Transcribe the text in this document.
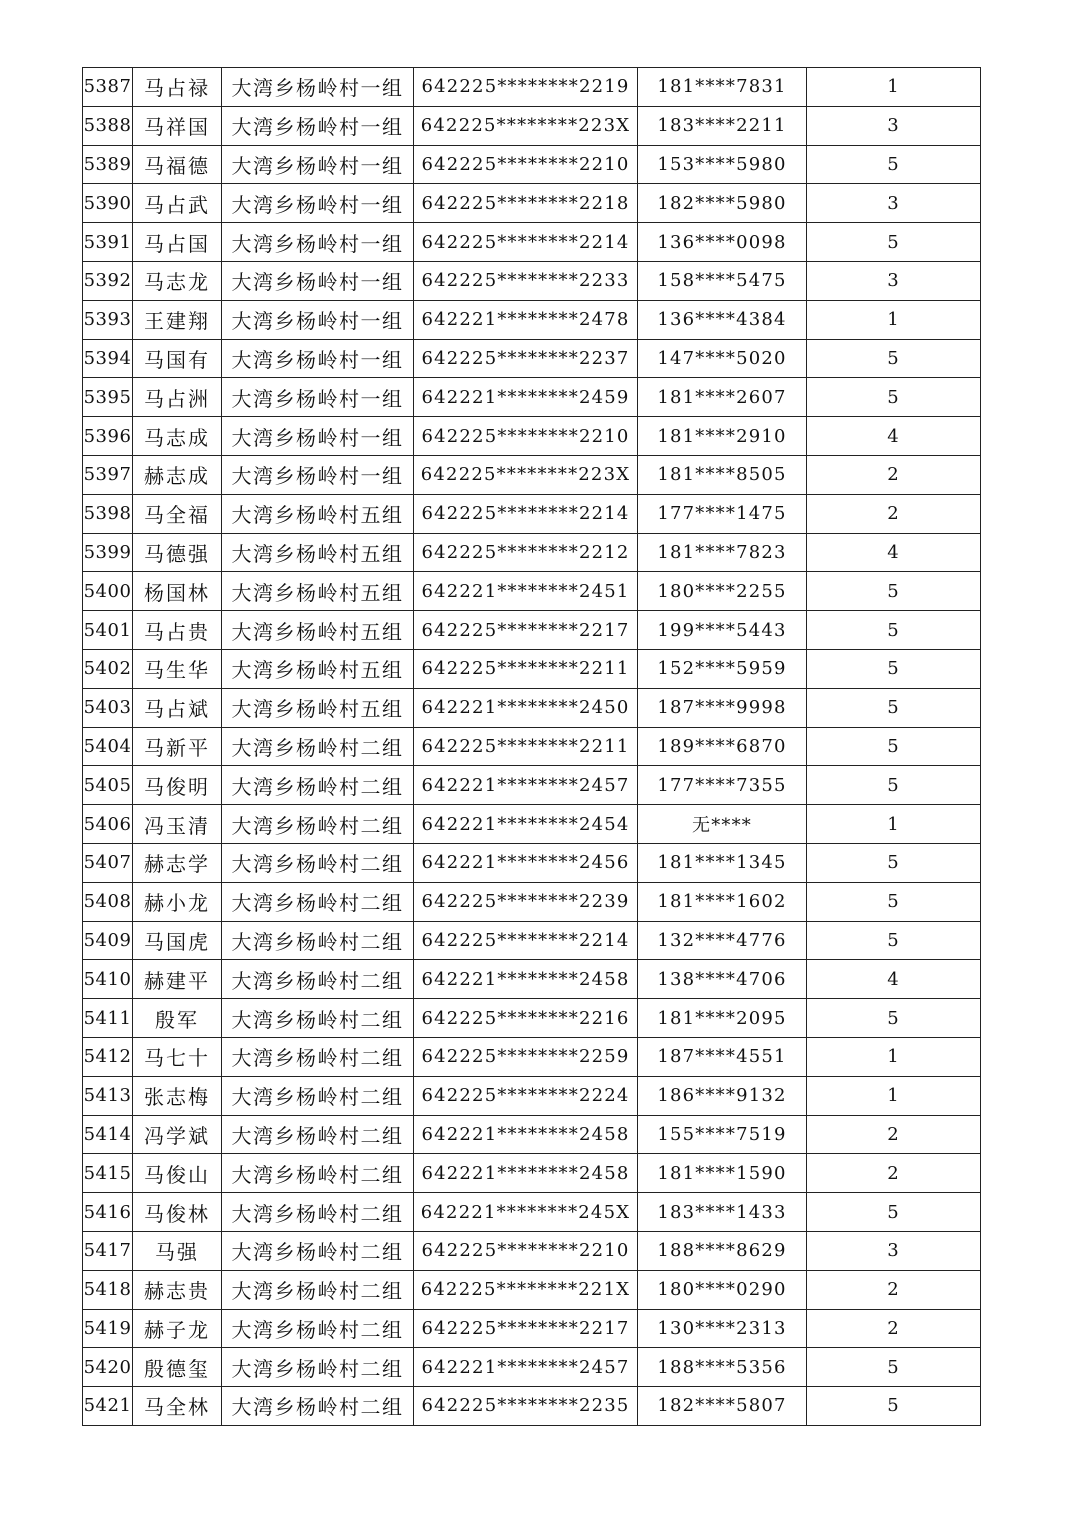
5387	马占禄	大湾乡杨岭村一组	642225********2219	181****7831	1
5388	马祥国	大湾乡杨岭村一组	642225********223X	183****2211	3
5389	马福德	大湾乡杨岭村一组	642225********2210	153****5980	5
5390	马占武	大湾乡杨岭村一组	642225********2218	182****5980	3
5391	马占国	大湾乡杨岭村一组	642225********2214	136****0098	5
5392	马志龙	大湾乡杨岭村一组	642225********2233	158****5475	3
5393	王建翔	大湾乡杨岭村一组	642221********2478	136****4384	1
5394	马国有	大湾乡杨岭村一组	642225********2237	147****5020	5
5395	马占洲	大湾乡杨岭村一组	642221********2459	181****2607	5
5396	马志成	大湾乡杨岭村一组	642225********2210	181****2910	4
5397	赫志成	大湾乡杨岭村一组	642225********223X	181****8505	2
5398	马全福	大湾乡杨岭村五组	642225********2214	177****1475	2
5399	马德强	大湾乡杨岭村五组	642225********2212	181****7823	4
5400	杨国林	大湾乡杨岭村五组	642221********2451	180****2255	5
5401	马占贵	大湾乡杨岭村五组	642225********2217	199****5443	5
5402	马生华	大湾乡杨岭村五组	642225********2211	152****5959	5
5403	马占斌	大湾乡杨岭村五组	642221********2450	187****9998	5
5404	马新平	大湾乡杨岭村二组	642225********2211	189****6870	5
5405	马俊明	大湾乡杨岭村二组	642221********2457	177****7355	5
5406	冯玉清	大湾乡杨岭村二组	642221********2454	无****	1
5407	赫志学	大湾乡杨岭村二组	642221********2456	181****1345	5
5408	赫小龙	大湾乡杨岭村二组	642225********2239	181****1602	5
5409	马国虎	大湾乡杨岭村二组	642225********2214	132****4776	5
5410	赫建平	大湾乡杨岭村二组	642221********2458	138****4706	4
5411	殷军	大湾乡杨岭村二组	642225********2216	181****2095	5
5412	马七十	大湾乡杨岭村二组	642225********2259	187****4551	1
5413	张志梅	大湾乡杨岭村二组	642225********2224	186****9132	1
5414	冯学斌	大湾乡杨岭村二组	642221********2458	155****7519	2
5415	马俊山	大湾乡杨岭村二组	642221********2458	181****1590	2
5416	马俊林	大湾乡杨岭村二组	642221********245X	183****1433	5
5417	马强	大湾乡杨岭村二组	642225********2210	188****8629	3
5418	赫志贵	大湾乡杨岭村二组	642225********221X	180****0290	2
5419	赫子龙	大湾乡杨岭村二组	642225********2217	130****2313	2
5420	殷德玺	大湾乡杨岭村二组	642221********2457	188****5356	5
5421	马全林	大湾乡杨岭村二组	642225********2235	182****5807	5
